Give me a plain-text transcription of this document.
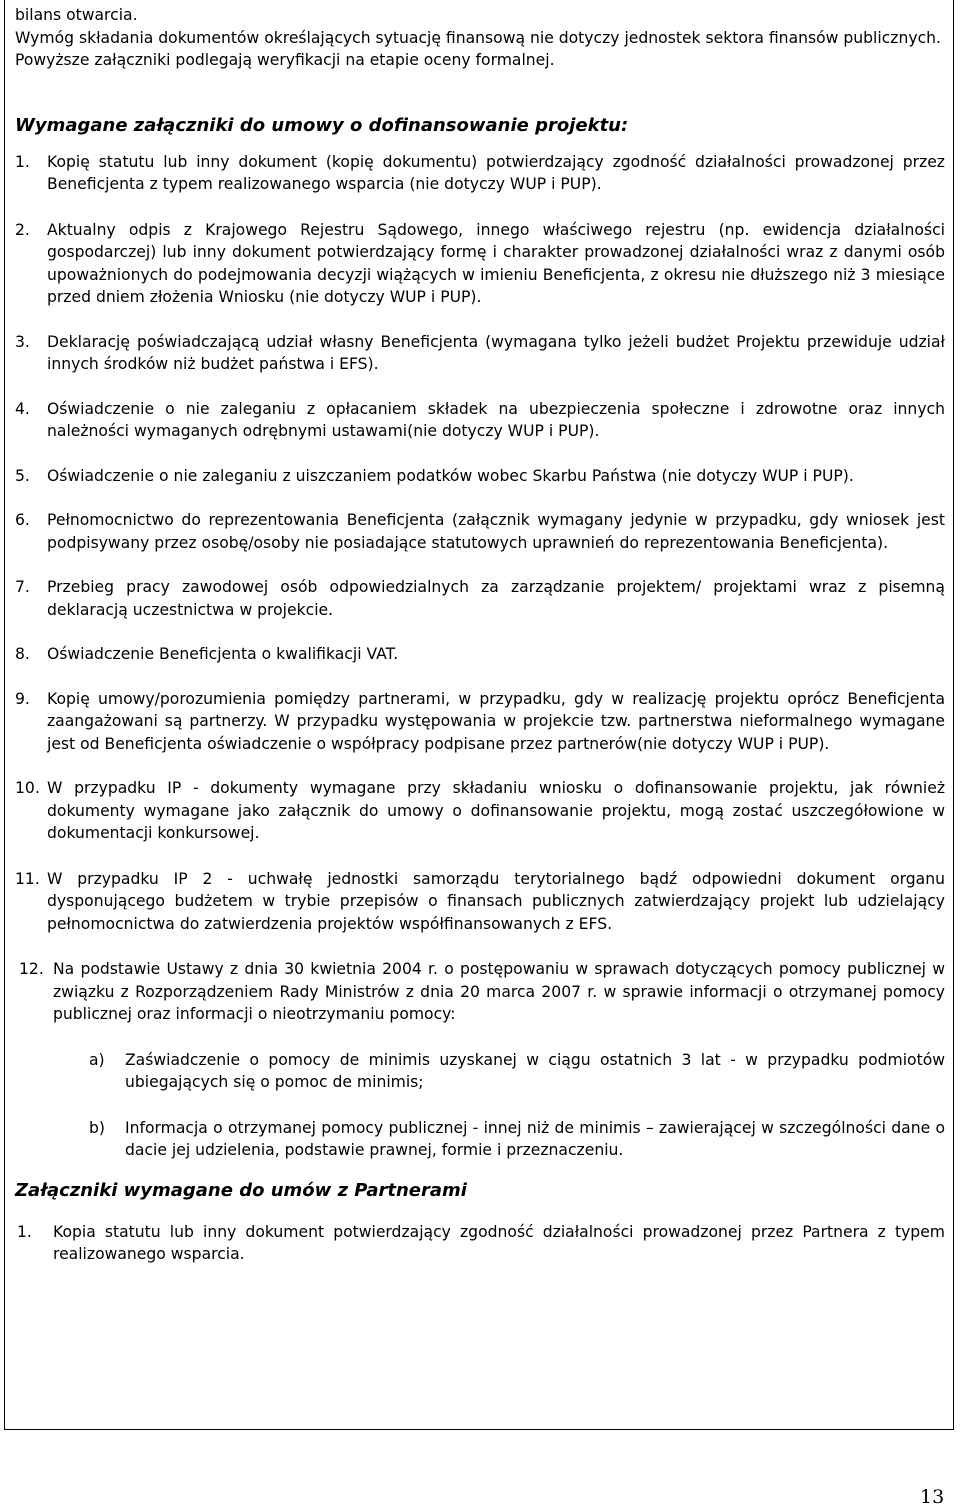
bilans otwarcia.

Wymóg składania dokumentów określających sytuację finansową nie dotyczy jednostek sektora finansów publicznych.

Powyższe załączniki podlegają weryfikacji na etapie oceny formalnej.

Wymagane załączniki do umowy o dofinansowanie projektu:
1. Kopię statutu lub inny dokument (kopię dokumentu) potwierdzający zgodność działalności prowadzonej przez Beneficjenta z typem realizowanego wsparcia (nie dotyczy WUP i PUP).
2. Aktualny odpis z Krajowego Rejestru Sądowego, innego właściwego rejestru (np. ewidencja działalności gospodarczej) lub inny dokument potwierdzający formę i charakter prowadzonej działalności wraz z danymi osób upoważnionych do podejmowania decyzji wiążących w imieniu Beneficjenta, z okresu nie dłuższego niż 3 miesiące przed dniem złożenia Wniosku (nie dotyczy WUP i PUP).
3. Deklarację poświadczającą udział własny Beneficjenta (wymagana tylko jeżeli budżet Projektu przewiduje udział innych środków niż budżet państwa i EFS).
4. Oświadczenie o nie zaleganiu z opłacaniem składek na ubezpieczenia społeczne i zdrowotne oraz innych należności wymaganych odrębnymi ustawami(nie dotyczy WUP i PUP).
5. Oświadczenie o nie zaleganiu z uiszczaniem podatków wobec Skarbu Państwa (nie dotyczy WUP i PUP).
6. Pełnomocnictwo do reprezentowania Beneficjenta (załącznik wymagany jedynie w przypadku, gdy wniosek jest podpisywany przez osobę/osoby nie posiadające statutowych uprawnień do reprezentowania Beneficjenta).
7. Przebieg pracy zawodowej osób odpowiedzialnych za zarządzanie projektem/ projektami wraz z pisemną deklaracją uczestnictwa w projekcie.
8. Oświadczenie Beneficjenta o kwalifikacji VAT.
9. Kopię umowy/porozumienia pomiędzy partnerami, w przypadku, gdy w realizację projektu oprócz Beneficjenta zaangażowani są partnerzy. W przypadku występowania w projekcie tzw. partnerstwa nieformalnego wymagane jest od Beneficjenta oświadczenie o współpracy podpisane przez partnerów(nie dotyczy WUP i PUP).
10. W przypadku IP - dokumenty wymagane przy składaniu wniosku o dofinansowanie projektu, jak również dokumenty wymagane jako załącznik do umowy o dofinansowanie projektu, mogą zostać uszczegółowione w dokumentacji konkursowej.
11. W przypadku IP 2 - uchwałę jednostki samorządu terytorialnego bądź odpowiedni dokument organu dysponującego budżetem w trybie przepisów o finansach publicznych zatwierdzający projekt lub udzielający pełnomocnictwa do zatwierdzenia projektów współfinansowanych z EFS.
12. Na podstawie Ustawy z dnia 30 kwietnia 2004 r. o postępowaniu w sprawach dotyczących pomocy publicznej w związku z Rozporządzeniem Rady Ministrów z dnia 20 marca 2007 r. w sprawie informacji o otrzymanej pomocy publicznej oraz informacji o nieotrzymaniu pomocy:
a) Zaświadczenie o pomocy de minimis uzyskanej w ciągu ostatnich 3 lat - w przypadku podmiotów ubiegających się o pomoc de minimis;
b) Informacja o otrzymanej pomocy publicznej - innej niż de minimis – zawierającej w szczególności dane o dacie jej udzielenia, podstawie prawnej, formie i przeznaczeniu.
Załączniki wymagane do umów z Partnerami
1. Kopia statutu lub inny dokument potwierdzający zgodność działalności prowadzonej przez Partnera z typem realizowanego wsparcia.
13
